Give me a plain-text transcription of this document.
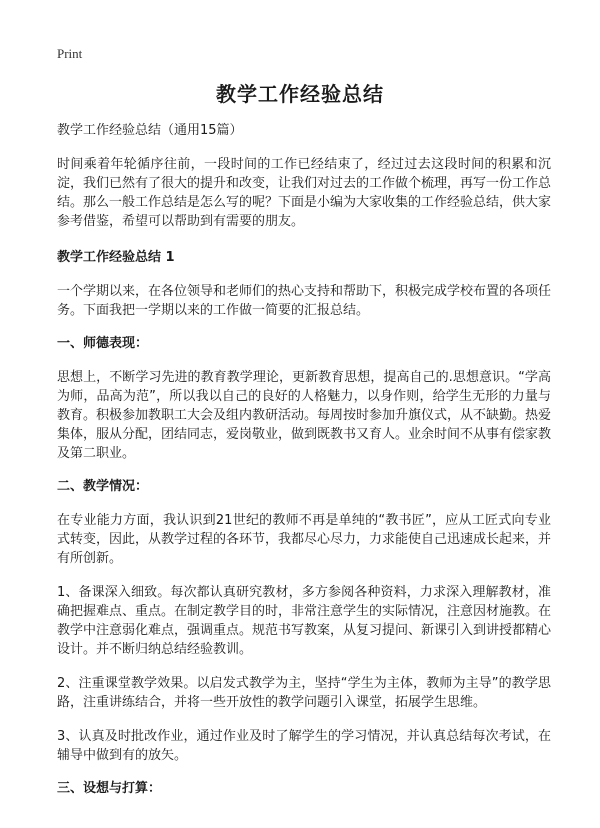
Print
教学工作经验总结
教学工作经验总结（通用15篇）

时间乘着年轮循序往前，一段时间的工作已经结束了，经过过去这段时间的积累和沉淀，我们已然有了很大的提升和改变，让我们对过去的工作做个梳理，再写一份工作总结。那么一般工作总结是怎么写的呢？下面是小编为大家收集的工作经验总结，供大家参考借鉴，希望可以帮助到有需要的朋友。

教学工作经验总结 1

一个学期以来，在各位领导和老师们的热心支持和帮助下，积极完成学校布置的各项任务。下面我把一学期以来的工作做一简要的汇报总结。

一、师德表现：

思想上，不断学习先进的教育教学理论，更新教育思想，提高自己的.思想意识。“学高为师，品高为范”，所以我以自己的良好的人格魅力，以身作则，给学生无形的力量与教育。积极参加教职工大会及组内教研活动。每周按时参加升旗仪式，从不缺勤。热爱集体，服从分配，团结同志，爱岗敬业，做到既教书又育人。业余时间不从事有偿家教及第二职业。

二、教学情况：

在专业能力方面，我认识到21世纪的教师不再是单纯的“教书匠”，应从工匠式向专业式转变，因此，从教学过程的各环节，我都尽心尽力，力求能使自己迅速成长起来，并有所创新。

1、备课深入细致。每次都认真研究教材，多方参阅各种资料，力求深入理解教材，准确把握难点、重点。在制定教学目的时，非常注意学生的实际情况，注意因材施教。在教学中注意弱化难点，强调重点。规范书写教案，从复习提问、新课引入到讲授都精心设计。并不断归纳总结经验教训。

2、注重课堂教学效果。以启发式教学为主，坚持“学生为主体，教师为主导”的教学思路，注重讲练结合，并将一些开放性的教学问题引入课堂，拓展学生思维。

3、认真及时批改作业，通过作业及时了解学生的学习情况，并认真总结每次考试，在辅导中做到有的放矢。

三、设想与打算：
